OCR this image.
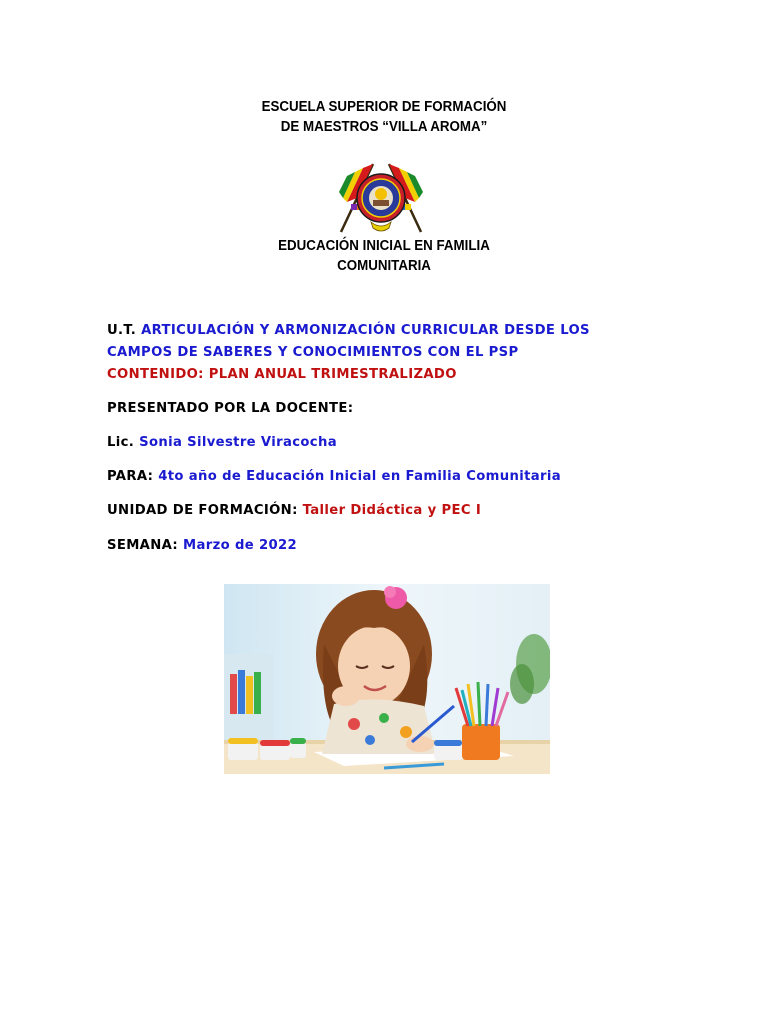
ESCUELA SUPERIOR DE FORMACIÓN
DE MAESTROS “VILLA AROMA”
EDUCACIÓN INICIAL EN FAMILIA
COMUNITARIA
U.T. ARTICULACIÓN Y ARMONIZACIÓN CURRICULAR DESDE LOS
CAMPOS DE SABERES Y CONOCIMIENTOS CON EL PSP
CONTENIDO: PLAN ANUAL TRIMESTRALIZADO
PRESENTADO POR LA DOCENTE:
Lic. Sonia Silvestre Viracocha
PARA: 4to año de Educación Inicial en Familia Comunitaria
UNIDAD DE FORMACIÓN: Taller Didáctica y PEC I
SEMANA: Marzo de 2022
